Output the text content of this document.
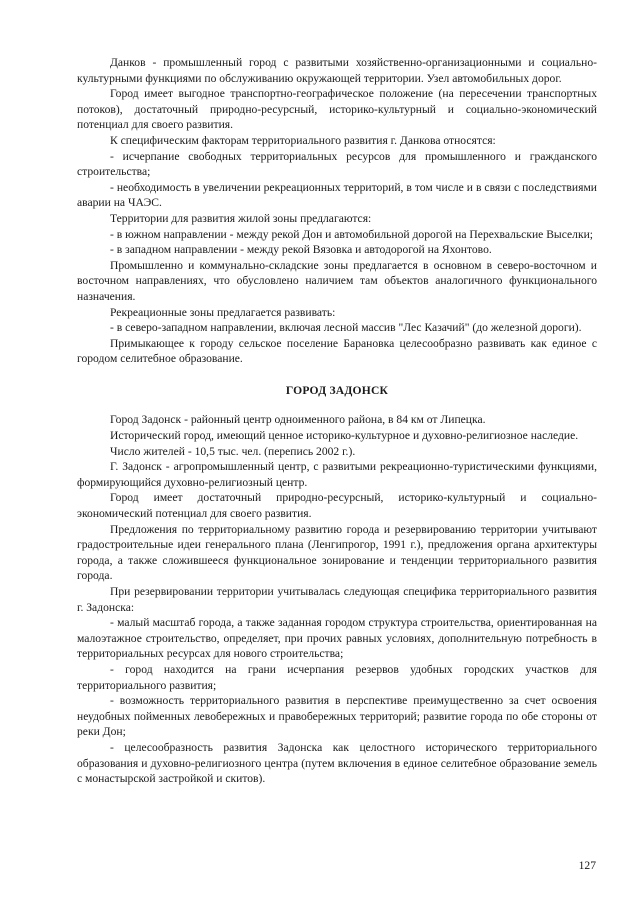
Данков - промышленный город с развитыми хозяйственно-организационными и социально-культурными функциями по обслуживанию окружающей территории. Узел автомобильных дорог.

Город имеет выгодное транспортно-географическое положение (на пересечении транспортных потоков), достаточный природно-ресурсный, историко-культурный и социально-экономический потенциал для своего развития.

К специфическим факторам территориального развития г. Данкова относятся:

- исчерпание свободных территориальных ресурсов для промышленного и гражданского строительства;

- необходимость в увеличении рекреационных территорий, в том числе и в связи с последствиями аварии на ЧАЭС.

Территории для развития жилой зоны предлагаются:

- в южном направлении - между рекой Дон и автомобильной дорогой на Перехвальские Выселки;

- в западном направлении - между рекой Вязовка и автодорогой на Яхонтово.

Промышленно и коммунально-складские зоны предлагается в основном в северо-восточном и восточном направлениях, что обусловлено наличием там объектов аналогичного функционального назначения.

Рекреационные зоны предлагается развивать:

- в северо-западном направлении, включая лесной массив "Лес Казачий" (до железной дороги).

Примыкающее к городу сельское поселение Барановка целесообразно развивать как единое с городом селитебное образование.

ГОРОД ЗАДОНСК

Город Задонск - районный центр одноименного района, в 84 км от Липецка.

Исторический город, имеющий ценное историко-культурное и духовно-религиозное наследие.

Число жителей - 10,5 тыс. чел. (перепись 2002 г.).

Г. Задонск - агропромышленный центр, с развитыми рекреационно-туристическими функциями, формирующийся духовно-религиозный центр.

Город имеет достаточный природно-ресурсный, историко-культурный и социально-экономический потенциал для своего развития.

Предложения по территориальному развитию города и резервированию территории учитывают градостроительные идеи генерального плана (Ленгипрогор, 1991 г.), предложения органа архитектуры города, а также сложившееся функциональное зонирование и тенденции территориального развития города.

При резервировании территории учитывалась следующая специфика территориального развития г. Задонска:

- малый масштаб города, а также заданная городом структура строительства, ориентированная на малоэтажное строительство, определяет, при прочих равных условиях, дополнительную потребность в территориальных ресурсах для нового строительства;

- город находится на грани исчерпания резервов удобных городских участков для территориального развития;

- возможность территориального развития в перспективе преимущественно за счет освоения неудобных пойменных левобережных и правобережных территорий; развитие города по обе стороны от реки Дон;

- целесообразность развития Задонска как целостного исторического территориального образования и духовно-религиозного центра (путем включения в единое селитебное образование земель с монастырской застройкой и скитов).

127
